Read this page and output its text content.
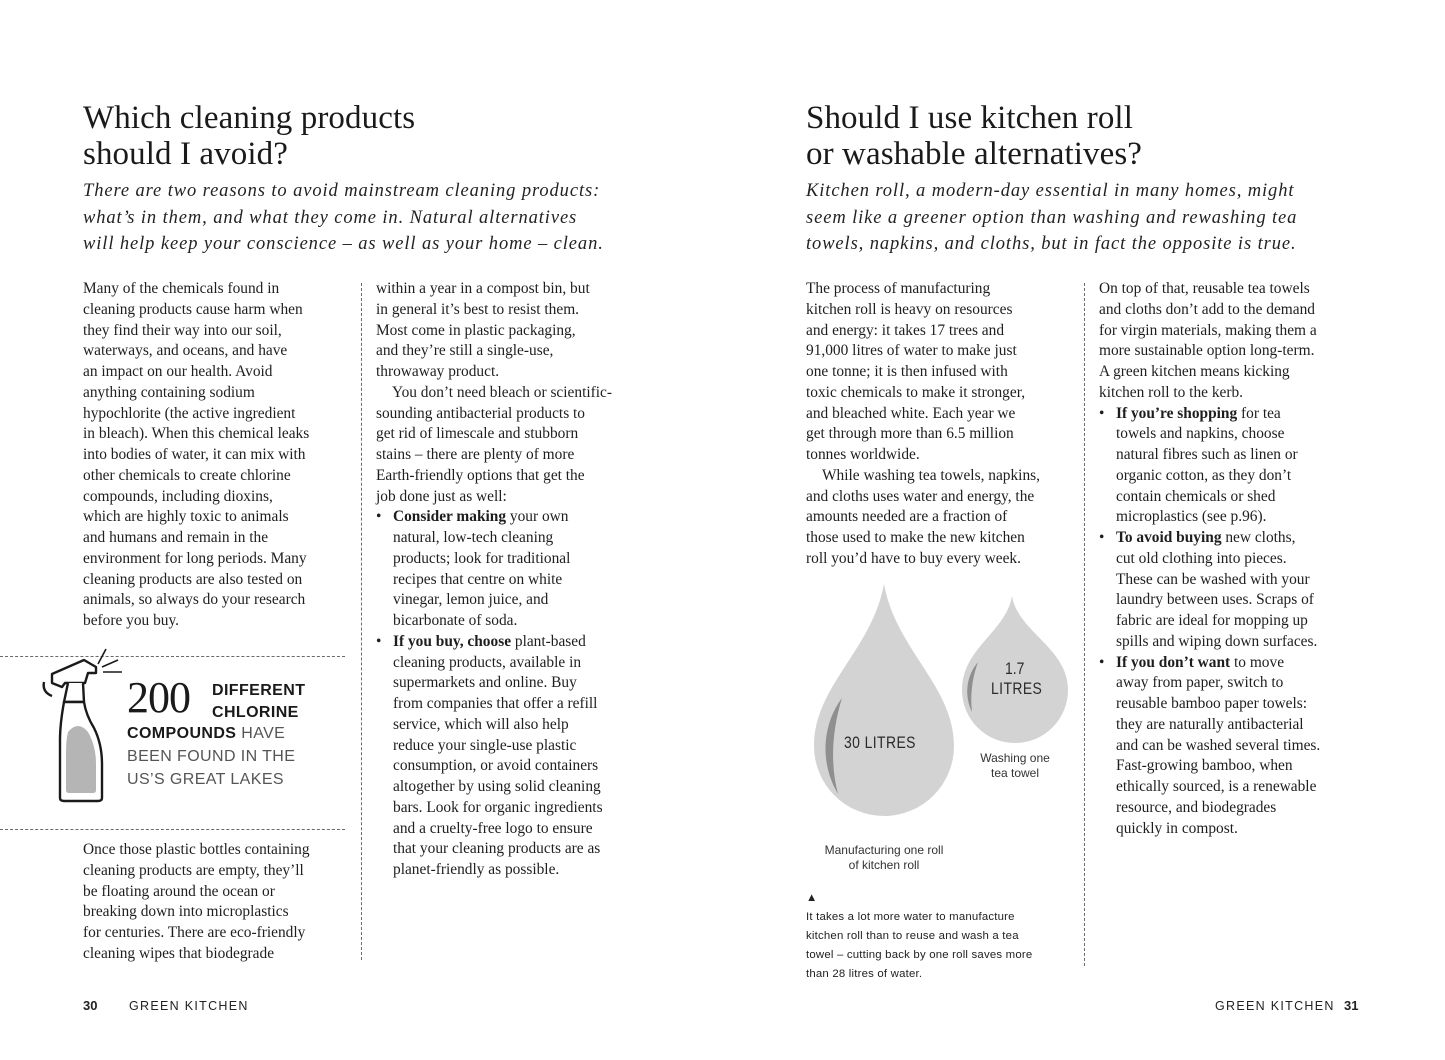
Which cleaning products
should I avoid?
There are two reasons to avoid mainstream cleaning products:
what’s in them, and what they come in. Natural alternatives
will help keep your conscience – as well as your home – clean.
Many of the chemicals found in
cleaning products cause harm when
they find their way into our soil,
waterways, and oceans, and have
an impact on our health. Avoid
anything containing sodium
hypochlorite (the active ingredient
in bleach). When this chemical leaks
into bodies of water, it can mix with
other chemicals to create chlorine
compounds, including dioxins,
which are highly toxic to animals
and humans and remain in the
environment for long periods. Many
cleaning products are also tested on
animals, so always do your research
before you buy.
200 DIFFERENT
CHLORINE
COMPOUNDS HAVE
BEEN FOUND IN THE
US’S GREAT LAKES
Once those plastic bottles containing
cleaning products are empty, they’ll
be floating around the ocean or
breaking down into microplastics
for centuries. There are eco-friendly
cleaning wipes that biodegrade
within a year in a compost bin, but
in general it’s best to resist them.
Most come in plastic packaging,
and they’re still a single-use,
throwaway product.
You don’t need bleach or scientific-
sounding antibacterial products to
get rid of limescale and stubborn
stains – there are plenty of more
Earth-friendly options that get the
job done just as well:
• Consider making your own
natural, low-tech cleaning
products; look for traditional
recipes that centre on white
vinegar, lemon juice, and
bicarbonate of soda.
• If you buy, choose plant-based
cleaning products, available in
supermarkets and online. Buy
from companies that offer a refill
service, which will also help
reduce your single-use plastic
consumption, or avoid containers
altogether by using solid cleaning
bars. Look for organic ingredients
and a cruelty-free logo to ensure
that your cleaning products are as
planet-friendly as possible.
30	GREEN KITCHEN
Should I use kitchen roll
or washable alternatives?
Kitchen roll, a modern-day essential in many homes, might
seem like a greener option than washing and rewashing tea
towels, napkins, and cloths, but in fact the opposite is true.
The process of manufacturing
kitchen roll is heavy on resources
and energy: it takes 17 trees and
91,000 litres of water to make just
one tonne; it is then infused with
toxic chemicals to make it stronger,
and bleached white. Each year we
get through more than 6.5 million
tonnes worldwide.
While washing tea towels, napkins,
and cloths uses water and energy, the
amounts needed are a fraction of
those used to make the new kitchen
roll you’d have to buy every week.
30 LITRES
1.7
LITRES
Washing one
tea towel
Manufacturing one roll
of kitchen roll
▲
It takes a lot more water to manufacture
kitchen roll than to reuse and wash a tea
towel – cutting back by one roll saves more
than 28 litres of water.
On top of that, reusable tea towels
and cloths don’t add to the demand
for virgin materials, making them a
more sustainable option long-term.
A green kitchen means kicking
kitchen roll to the kerb.
• If you’re shopping for tea
towels and napkins, choose
natural fibres such as linen or
organic cotton, as they don’t
contain chemicals or shed
microplastics (see p.96).
• To avoid buying new cloths,
cut old clothing into pieces.
These can be washed with your
laundry between uses. Scraps of
fabric are ideal for mopping up
spills and wiping down surfaces.
• If you don’t want to move
away from paper, switch to
reusable bamboo paper towels:
they are naturally antibacterial
and can be washed several times.
Fast-growing bamboo, when
ethically sourced, is a renewable
resource, and biodegrades
quickly in compost.
GREEN KITCHEN 31
